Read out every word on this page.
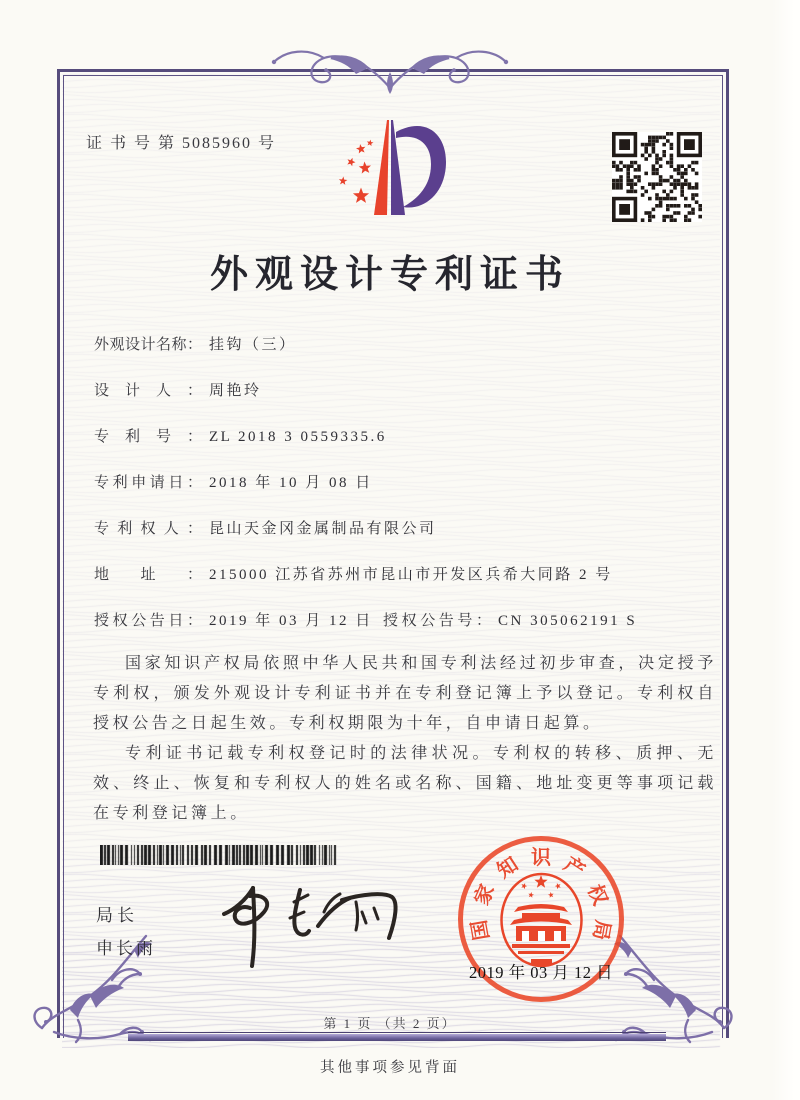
证 书 号 第 5085960 号
外观设计专利证书
外观设计名称： 挂钩（三）
设计人： 周艳玲
专利号： ZL 2018 3 0559335.6
专利申请日： 2018 年 10 月 08 日
专利权人： 昆山天金冈金属制品有限公司
地址： 215000 江苏省苏州市昆山市开发区兵希大同路 2 号
授权公告日： 2019 年 03 月 12 日 授权公告号： CN 305062191 S

国家知识产权局依照中华人民共和国专利法经过初步审查，决定授予专利权，颁发外观设计专利证书并在专利登记簿上予以登记。专利权自授权公告之日起生效。专利权期限为十年，自申请日起算。

专利证书记载专利权登记时的法律状况。专利权的转移、质押、无效、终止、恢复和专利权人的姓名或名称、国籍、地址变更等事项记载在专利登记簿上。

局长
申长雨
国
家
知 识 产
权
局
2019 年 03 月 12 日
第 1 页 （共 2 页）
其他事项参见背面
